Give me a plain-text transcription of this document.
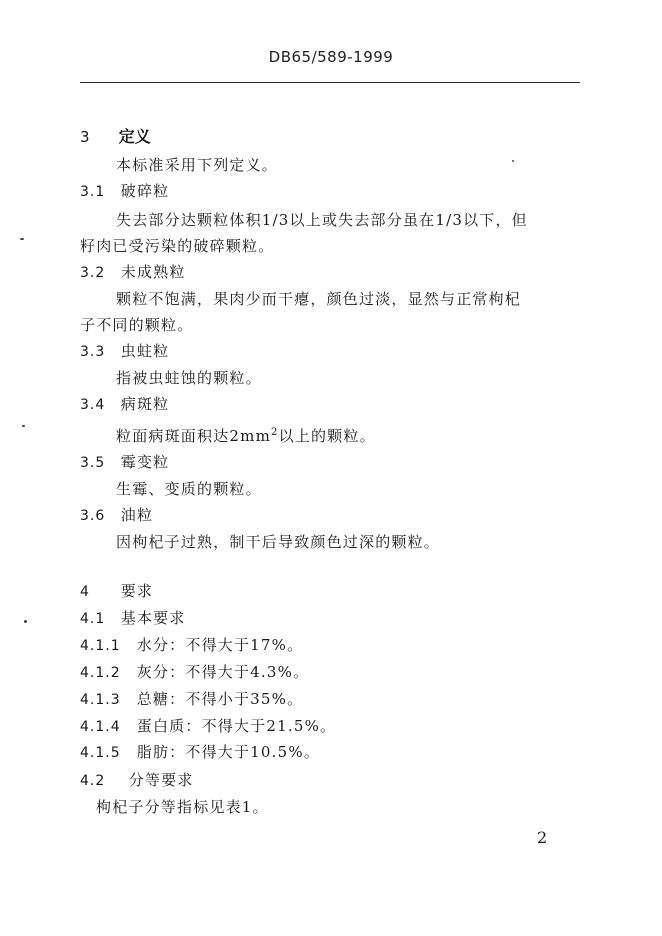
DB65/589-1999
3 定义
本标准采用下列定义。
3.1 破碎粒
失去部分达颗粒体积1/3以上或失去部分虽在1/3以下，但
籽肉已受污染的破碎颗粒。
3.2 未成熟粒
颗粒不饱满，果肉少而干瘪，颜色过淡，显然与正常枸杞
子不同的颗粒。
3.3 虫蛀粒
指被虫蛀蚀的颗粒。
3.4 病斑粒
粒面病斑面积达$2mm^2$以上的颗粒。
3.5 霉变粒
生霉、变质的颗粒。
3.6 油粒
因枸杞子过熟，制干后导致颜色过深的颗粒。
4 要求
4.1 基本要求
4.1.1 水分：不得大于17%。
4.1.2 灰分：不得大于4.3%。
4.1.3 总糖：不得小于35%。
4.1.4 蛋白质：不得大于21.5%。
4.1.5 脂肪：不得大于10.5%。
4.2 分等要求
枸杞子分等指标见表1。
2
